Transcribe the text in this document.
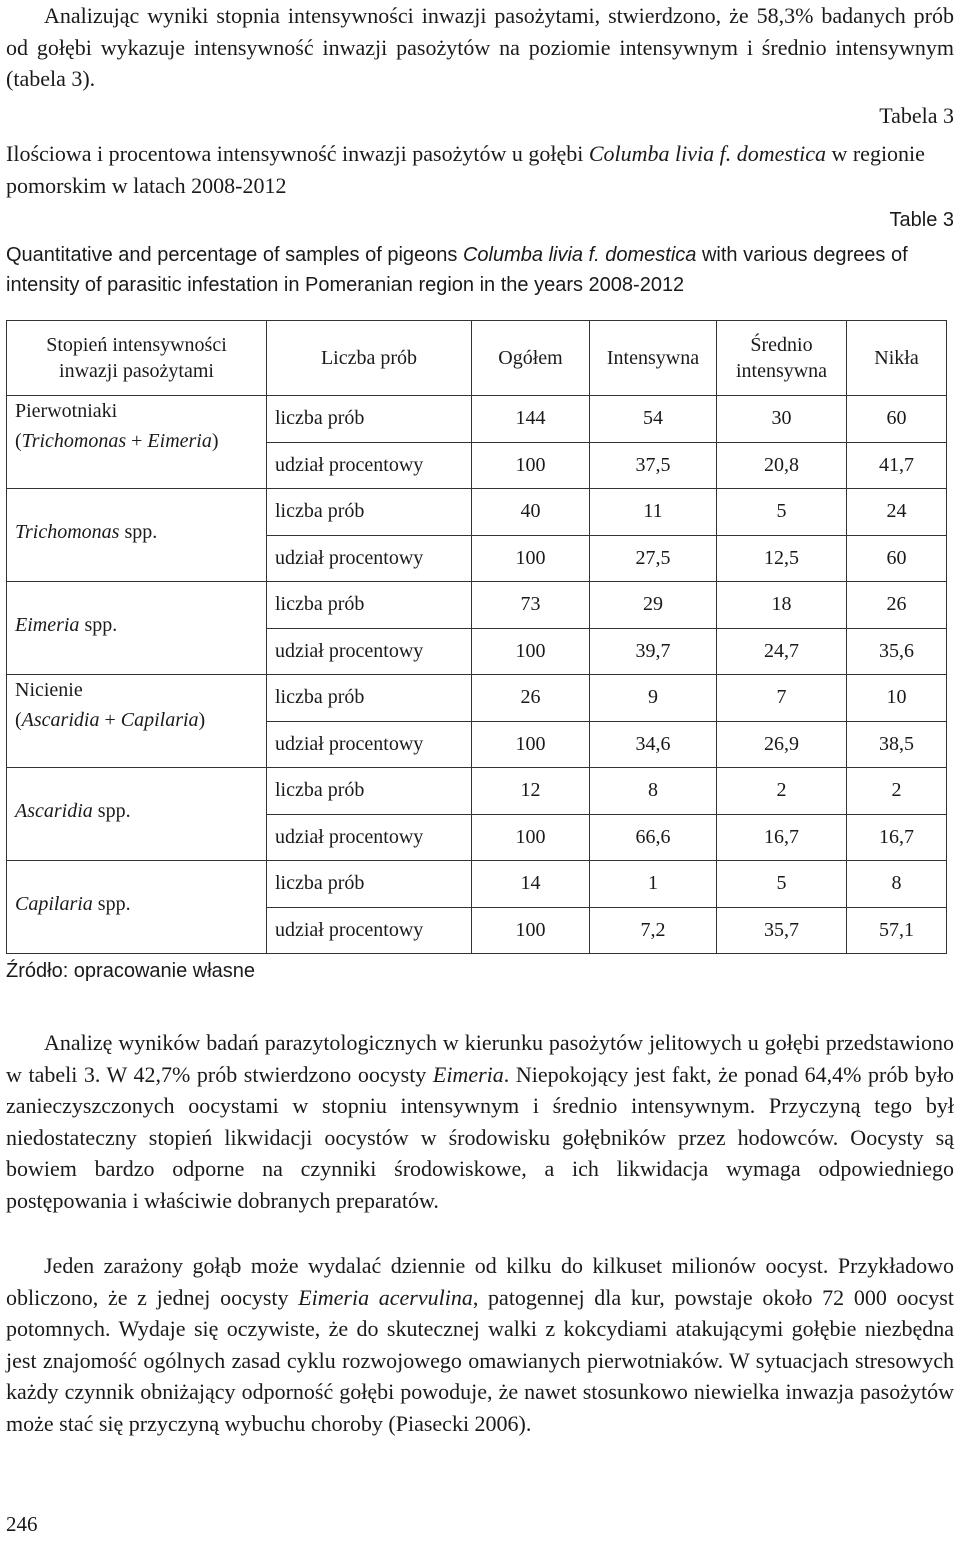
Analizując wyniki stopnia intensywności inwazji pasożytami, stwierdzono, że 58,3% badanych prób od gołębi wykazuje intensywność inwazji pasożytów na poziomie intensywnym i średnio intensywnym (tabela 3).

Tabela 3

Ilościowa i procentowa intensywność inwazji pasożytów u gołębi Columba livia f. domestica w regionie pomorskim w latach 2008-2012

Table 3

Quantitative and percentage of samples of pigeons Columba livia f. domestica with various degrees of intensity of parasitic infestation in Pomeranian region in the years 2008-2012

Stopień intensywności inwazji pasożytami	Liczba prób	Ogółem	Intensywna	Średnio intensywna	Nikła
Pierwotniaki
(Trichomonas + Eimeria)	liczba prób	144	54	30	60
	udział procentowy	100	37,5	20,8	41,7
Trichomonas spp.	liczba prób	40	11	5	24
	udział procentowy	100	27,5	12,5	60
Eimeria spp.	liczba prób	73	29	18	26
	udział procentowy	100	39,7	24,7	35,6
Nicienie
(Ascaridia + Capilaria)	liczba prób	26	9	7	10
	udział procentowy	100	34,6	26,9	38,5
Ascaridia spp.	liczba prób	12	8	2	2
	udział procentowy	100	66,6	16,7	16,7
Capilaria spp.	liczba prób	14	1	5	8
	udział procentowy	100	7,2	35,7	57,1

Źródło: opracowanie własne

Analizę wyników badań parazytologicznych w kierunku pasożytów jelitowych u gołębi przedstawiono w tabeli 3. W 42,7% prób stwierdzono oocysty Eimeria. Niepokojący jest fakt, że ponad 64,4% prób było zanieczyszczonych oocystami w stopniu intensywnym i średnio intensywnym. Przyczyną tego był niedostateczny stopień likwidacji oocystów w środowisku gołębników przez hodowców. Oocysty są bowiem bardzo odporne na czynniki środowiskowe, a ich likwidacja wymaga odpowiedniego postępowania i właściwie dobranych preparatów.

Jeden zarażony gołąb może wydalać dziennie od kilku do kilkuset milionów oocyst. Przykładowo obliczono, że z jednej oocysty Eimeria acervulina, patogennej dla kur, powstaje około 72 000 oocyst potomnych. Wydaje się oczywiste, że do skutecznej walki z kokcydiami atakującymi gołębie niezbędna jest znajomość ogólnych zasad cyklu rozwojowego omawianych pierwotniaków. W sytuacjach stresowych każdy czynnik obniżający odporność gołębi powoduje, że nawet stosunkowo niewielka inwazja pasożytów może stać się przyczyną wybuchu choroby (Piasecki 2006).

246
